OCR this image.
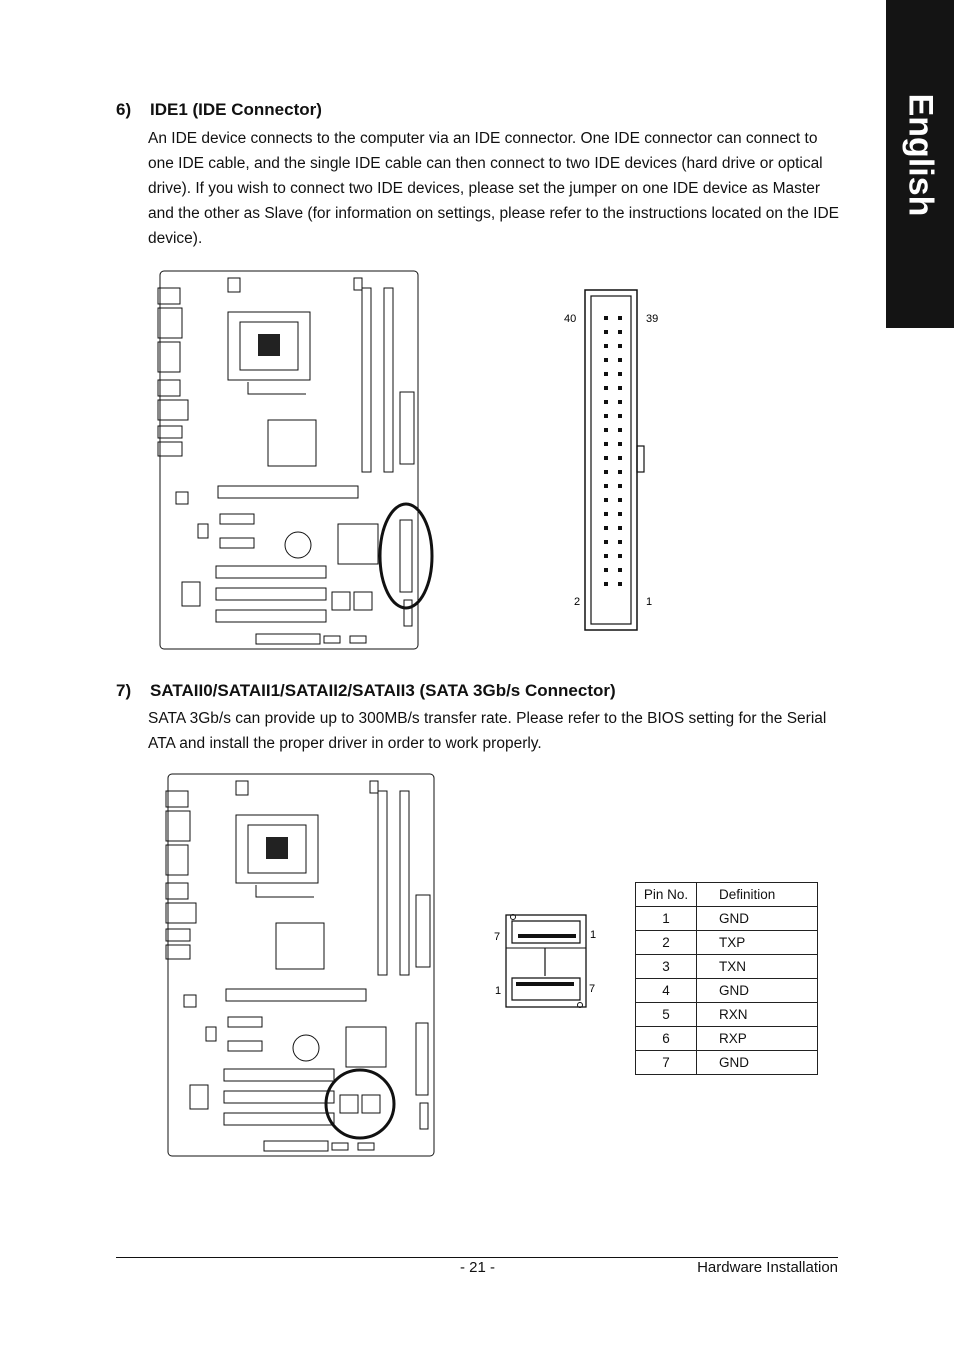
English
6) IDE1 (IDE Connector)
An IDE device connects to the computer via an IDE connector. One IDE connector can connect to one IDE cable, and the single IDE cable can then connect to two IDE devices (hard drive or optical drive). If you wish to connect two IDE devices, please set the jumper on one IDE device as Master and the other as Slave (for information on settings, please refer to the instructions located on the IDE device).
40	39
2	1
7) SATAII0/SATAII1/SATAII2/SATAII3 (SATA 3Gb/s Connector)
SATA 3Gb/s can provide up to 300MB/s transfer rate. Please refer to the BIOS setting for the Serial ATA and install the proper driver in order to work properly.
7	1
1	7
Pin No.	Definition
1	GND
2	TXP
3	TXN
4	GND
5	RXN
6	RXP
7	GND
- 21 -	Hardware Installation
